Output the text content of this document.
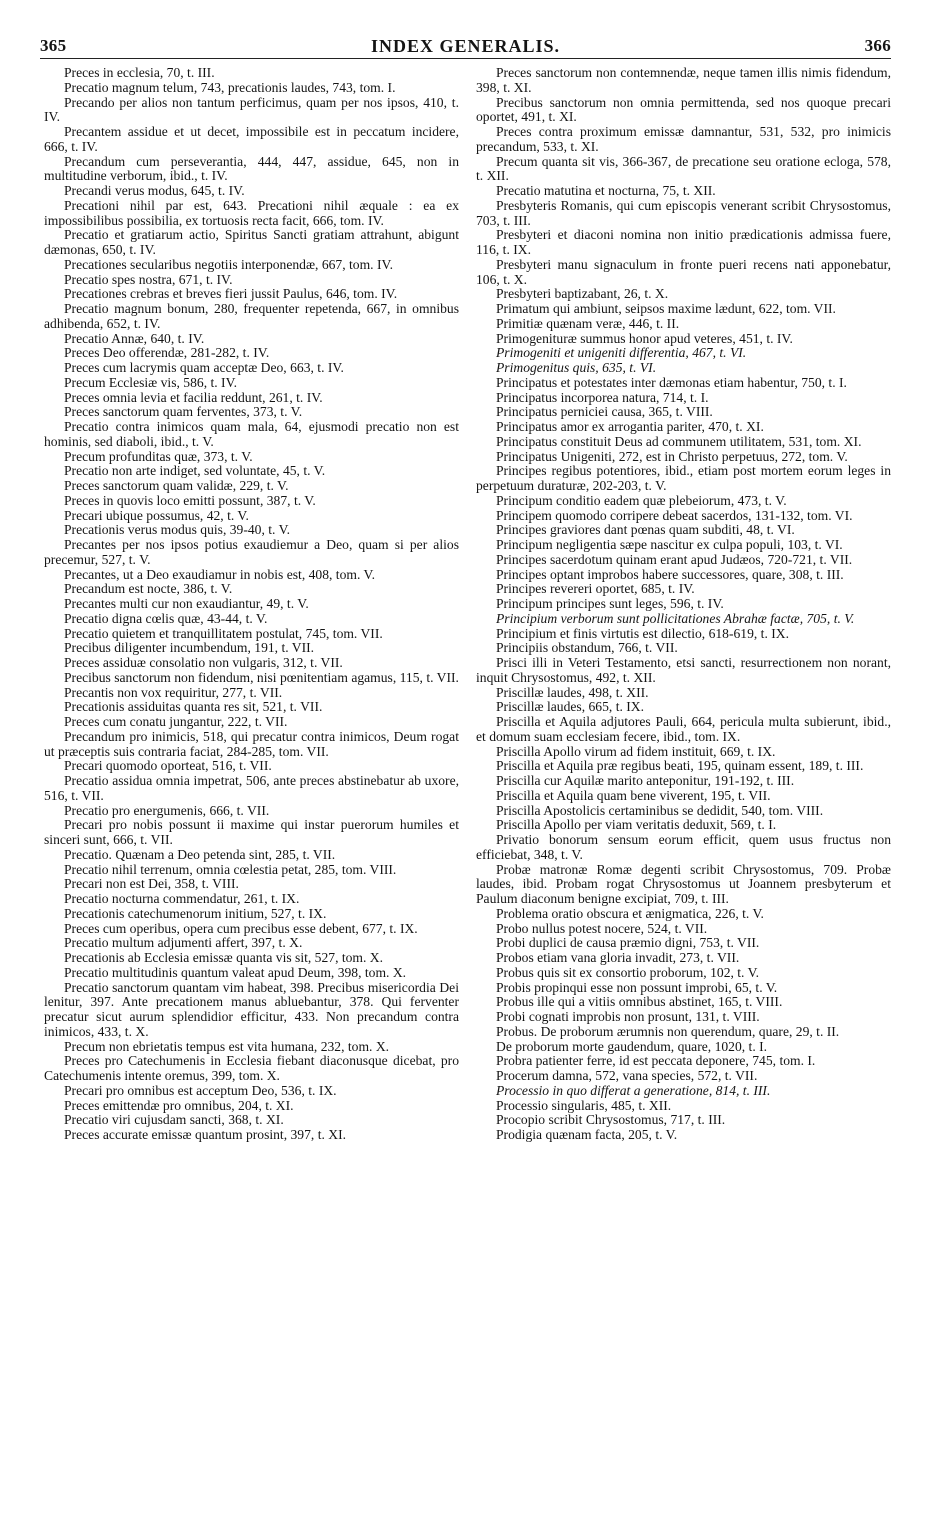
365	INDEX GENERALIS.	366

Preces in ecclesia, 70, t. III.

Precatio magnum telum, 743, precationis laudes, 743, tom. I.

Precando per alios non tantum perficimus, quam per nos ipsos, 410, t. IV.

Precantem assidue et ut decet, impossibile est in peccatum incidere, 666, t. IV.

Precandum cum perseverantia, 444, 447, assidue, 645, non in multitudine verborum, ibid., t. IV.

Precandi verus modus, 645, t. IV.

Precationi nihil par est, 643. Precationi nihil æquale : ea ex impossibilibus possibilia, ex tortuosis recta facit, 666, tom. IV.

Precatio et gratiarum actio, Spiritus Sancti gratiam attrahunt, abigunt dæmonas, 650, t. IV.

Precationes secularibus negotiis interponendæ, 667, tom. IV.

Precatio spes nostra, 671, t. IV.

Precationes crebras et breves fieri jussit Paulus, 646, tom. IV.

Precatio magnum bonum, 280, frequenter repetenda, 667, in omnibus adhibenda, 652, t. IV.

Precatio Annæ, 640, t. IV.

Preces Deo offerendæ, 281-282, t. IV.

Preces cum lacrymis quam acceptæ Deo, 663, t. IV.

Precum Ecclesiæ vis, 586, t. IV.

Preces omnia levia et facilia reddunt, 261, t. IV.

Preces sanctorum quam ferventes, 373, t. V.

Precatio contra inimicos quam mala, 64, ejusmodi precatio non est hominis, sed diaboli, ibid., t. V.

Precum profunditas quæ, 373, t. V.

Precatio non arte indiget, sed voluntate, 45, t. V.

Preces sanctorum quam validæ, 229, t. V.

Preces in quovis loco emitti possunt, 387, t. V.

Precari ubique possumus, 42, t. V.

Precationis verus modus quis, 39-40, t. V.

Precantes per nos ipsos potius exaudiemur a Deo, quam si per alios precemur, 527, t. V.

Precantes, ut a Deo exaudiamur in nobis est, 408, tom. V.

Precandum est nocte, 386, t. V.

Precantes multi cur non exaudiantur, 49, t. V.

Precatio digna cœlis quæ, 43-44, t. V.

Precatio quietem et tranquillitatem postulat, 745, tom. VII.

Precibus diligenter incumbendum, 191, t. VII.

Preces assiduæ consolatio non vulgaris, 312, t. VII.

Precibus sanctorum non fidendum, nisi pœnitentiam agamus, 115, t. VII.

Precantis non vox requiritur, 277, t. VII.

Precationis assiduitas quanta res sit, 521, t. VII.

Preces cum conatu jungantur, 222, t. VII.

Precandum pro inimicis, 518, qui precatur contra inimicos, Deum rogat ut præceptis suis contraria faciat, 284-285, tom. VII.

Precari quomodo oporteat, 516, t. VII.

Precatio assidua omnia impetrat, 506, ante preces abstinebatur ab uxore, 516, t. VII.

Precatio pro energumenis, 666, t. VII.

Precari pro nobis possunt ii maxime qui instar puerorum humiles et sinceri sunt, 666, t. VII.

Precatio. Quænam a Deo petenda sint, 285, t. VII.

Precatio nihil terrenum, omnia cœlestia petat, 285, tom. VIII.

Precari non est Dei, 358, t. VIII.

Precatio nocturna commendatur, 261, t. IX.

Precationis catechumenorum initium, 527, t. IX.

Preces cum operibus, opera cum precibus esse debent, 677, t. IX.

Precatio multum adjumenti affert, 397, t. X.

Precationis ab Ecclesia emissæ quanta vis sit, 527, tom. X.

Precatio multitudinis quantum valeat apud Deum, 398, tom. X.

Precatio sanctorum quantam vim habeat, 398. Precibus misericordia Dei lenitur, 397. Ante precationem manus abluebantur, 378. Qui ferventer precatur sicut aurum splendidior efficitur, 433. Non precandum contra inimicos, 433, t. X.

Precum non ebrietatis tempus est vita humana, 232, tom. X.

Preces pro Catechumenis in Ecclesia fiebant diaconusque dicebat, pro Catechumenis intente oremus, 399, tom. X.

Precari pro omnibus est acceptum Deo, 536, t. IX.

Preces emittendæ pro omnibus, 204, t. XI.

Precatio viri cujusdam sancti, 368, t. XI.

Preces accurate emissæ quantum prosint, 397, t. XI.

Preces sanctorum non contemnendæ, neque tamen illis nimis fidendum, 398, t. XI.

Precibus sanctorum non omnia permittenda, sed nos quoque precari oportet, 491, t. XI.

Preces contra proximum emissæ damnantur, 531, 532, pro inimicis precandum, 533, t. XI.

Precum quanta sit vis, 366-367, de precatione seu oratione ecloga, 578, t. XII.

Precatio matutina et nocturna, 75, t. XII.

Presbyteris Romanis, qui cum episcopis venerant scribit Chrysostomus, 703, t. III.

Presbyteri et diaconi nomina non initio prædicationis admissa fuere, 116, t. IX.

Presbyteri manu signaculum in fronte pueri recens nati apponebatur, 106, t. X.

Presbyteri baptizabant, 26, t. X.

Primatum qui ambiunt, seipsos maxime lædunt, 622, tom. VII.

Primitiæ quænam veræ, 446, t. II.

Primogenituræ summus honor apud veteres, 451, t. IV.

Primogeniti et unigeniti differentia, 467, t. VI.

Primogenitus quis, 635, t. VI.

Principatus et potestates inter dæmonas etiam habentur, 750, t. I.

Principatus incorporea natura, 714, t. I.

Principatus perniciei causa, 365, t. VIII.

Principatus amor ex arrogantia pariter, 470, t. XI.

Principatus constituit Deus ad communem utilitatem, 531, tom. XI.

Principatus Unigeniti, 272, est in Christo perpetuus, 272, tom. V.

Principes regibus potentiores, ibid., etiam post mortem eorum leges in perpetuum duraturæ, 202-203, t. V.

Principum conditio eadem quæ plebeiorum, 473, t. V.

Principem quomodo corripere debeat sacerdos, 131-132, tom. VI.

Principes graviores dant pœnas quam subditi, 48, t. VI.

Principum negligentia sæpe nascitur ex culpa populi, 103, t. VI.

Principes sacerdotum quinam erant apud Judæos, 720-721, t. VII.

Principes optant improbos habere successores, quare, 308, t. III.

Principes revereri oportet, 685, t. IV.

Principum principes sunt leges, 596, t. IV.

Principium verborum sunt pollicitationes Abrahæ factæ, 705, t. V.

Principium et finis virtutis est dilectio, 618-619, t. IX.

Principiis obstandum, 766, t. VII.

Prisci illi in Veteri Testamento, etsi sancti, resurrectionem non norant, inquit Chrysostomus, 492, t. XII.

Priscillæ laudes, 498, t. XII.

Priscillæ laudes, 665, t. IX.

Priscilla et Aquila adjutores Pauli, 664, pericula multa subierunt, ibid., et domum suam ecclesiam fecere, ibid., tom. IX.

Priscilla Apollo virum ad fidem instituit, 669, t. IX.

Priscilla et Aquila præ regibus beati, 195, quinam essent, 189, t. III.

Priscilla cur Aquilæ marito anteponitur, 191-192, t. III.

Priscilla et Aquila quam bene viverent, 195, t. VII.

Priscilla Apostolicis certaminibus se dedidit, 540, tom. VIII.

Priscilla Apollo per viam veritatis deduxit, 569, t. I.

Privatio bonorum sensum eorum efficit, quem usus fructus non efficiebat, 348, t. V.

Probæ matronæ Romæ degenti scribit Chrysostomus, 709. Probæ laudes, ibid. Probam rogat Chrysostomus ut Joannem presbyterum et Paulum diaconum benigne excipiat, 709, t. III.

Problema oratio obscura et ænigmatica, 226, t. V.

Probo nullus potest nocere, 524, t. VII.

Probi duplici de causa præmio digni, 753, t. VII.

Probos etiam vana gloria invadit, 273, t. VII.

Probus quis sit ex consortio proborum, 102, t. V.

Probis propinqui esse non possunt improbi, 65, t. V.

Probus ille qui a vitiis omnibus abstinet, 165, t. VIII.

Probi cognati improbis non prosunt, 131, t. VIII.

Probus. De proborum ærumnis non querendum, quare, 29, t. II.

De proborum morte gaudendum, quare, 1020, t. I.

Probra patienter ferre, id est peccata deponere, 745, tom. I.

Procerum damna, 572, vana species, 572, t. VII.

Processio in quo differat a generatione, 814, t. III.

Processio singularis, 485, t. XII.

Procopio scribit Chrysostomus, 717, t. III.

Prodigia quænam facta, 205, t. V.
